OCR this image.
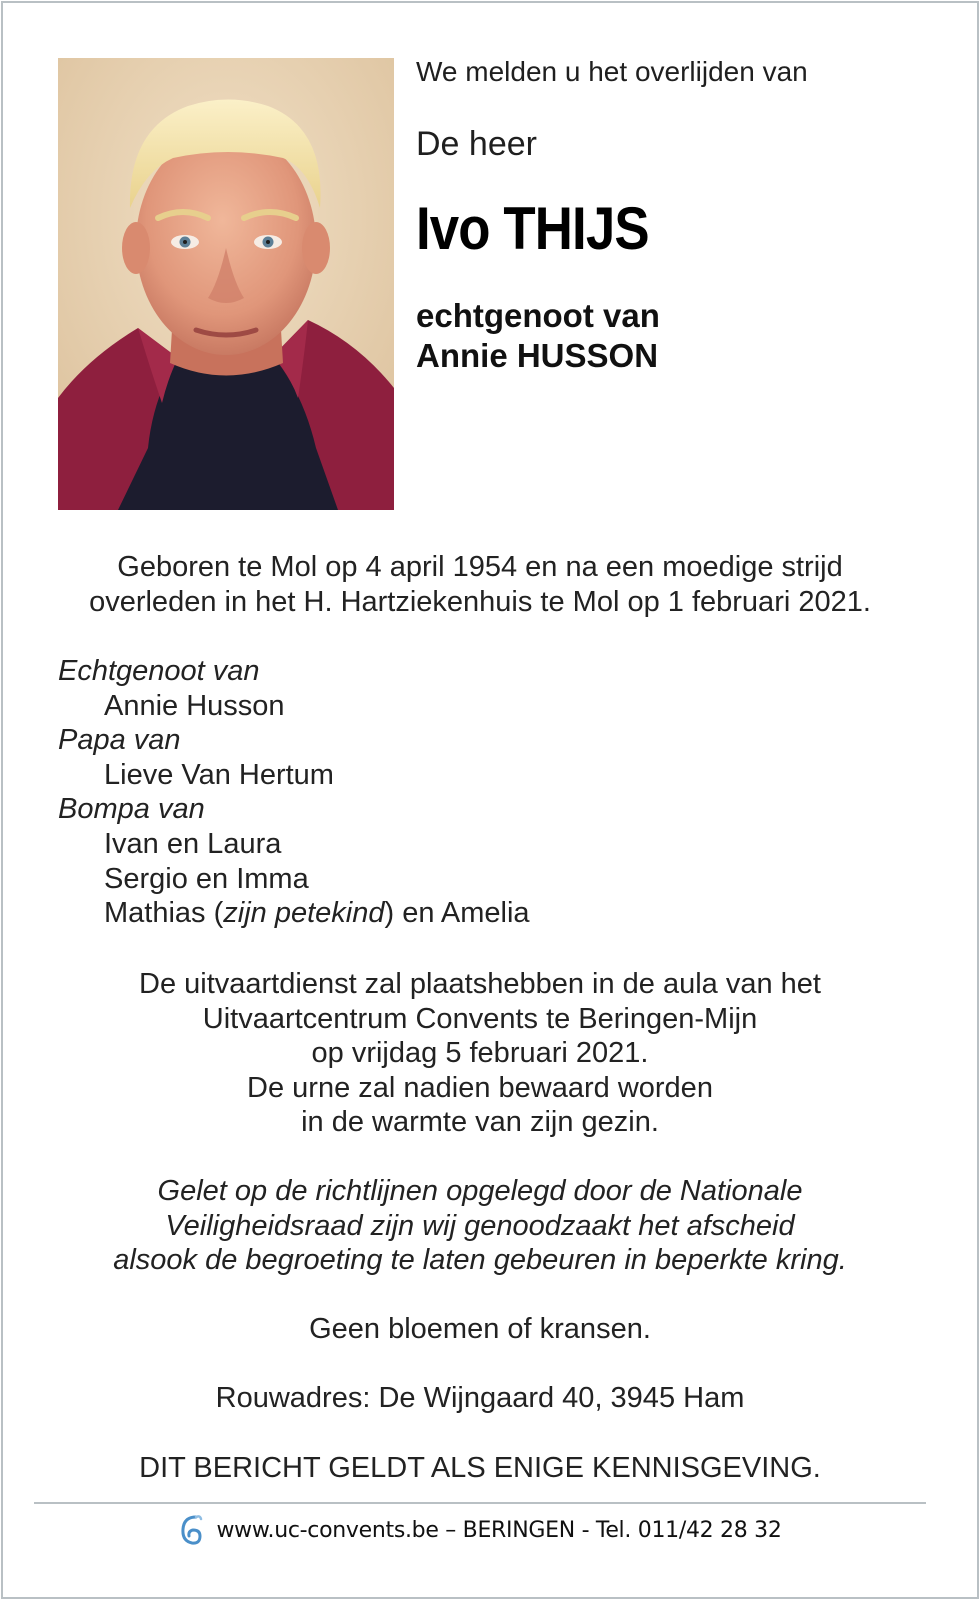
We melden u het overlijden van
De heer
Ivo THIJS
echtgenoot van
Annie HUSSON
Geboren te Mol op 4 april 1954 en na een moedige strijd
overleden in het H. Hartziekenhuis te Mol op 1 februari 2021.
Echtgenoot van
Annie Husson
Papa van
Lieve Van Hertum
Bompa van
Ivan en Laura
Sergio en Imma
Mathias (zijn petekind) en Amelia
De uitvaartdienst zal plaatshebben in de aula van het
Uitvaartcentrum Convents te Beringen-Mijn
op vrijdag 5 februari 2021.
De urne zal nadien bewaard worden
in de warmte van zijn gezin.
Gelet op de richtlijnen opgelegd door de Nationale
Veiligheidsraad zijn wij genoodzaakt het afscheid
alsook de begroeting te laten gebeuren in beperkte kring.
Geen bloemen of kransen.
Rouwadres: De Wijngaard 40, 3945 Ham
DIT BERICHT GELDT ALS ENIGE KENNISGEVING.
www.uc-convents.be – BERINGEN - Tel. 011/42 28 32
